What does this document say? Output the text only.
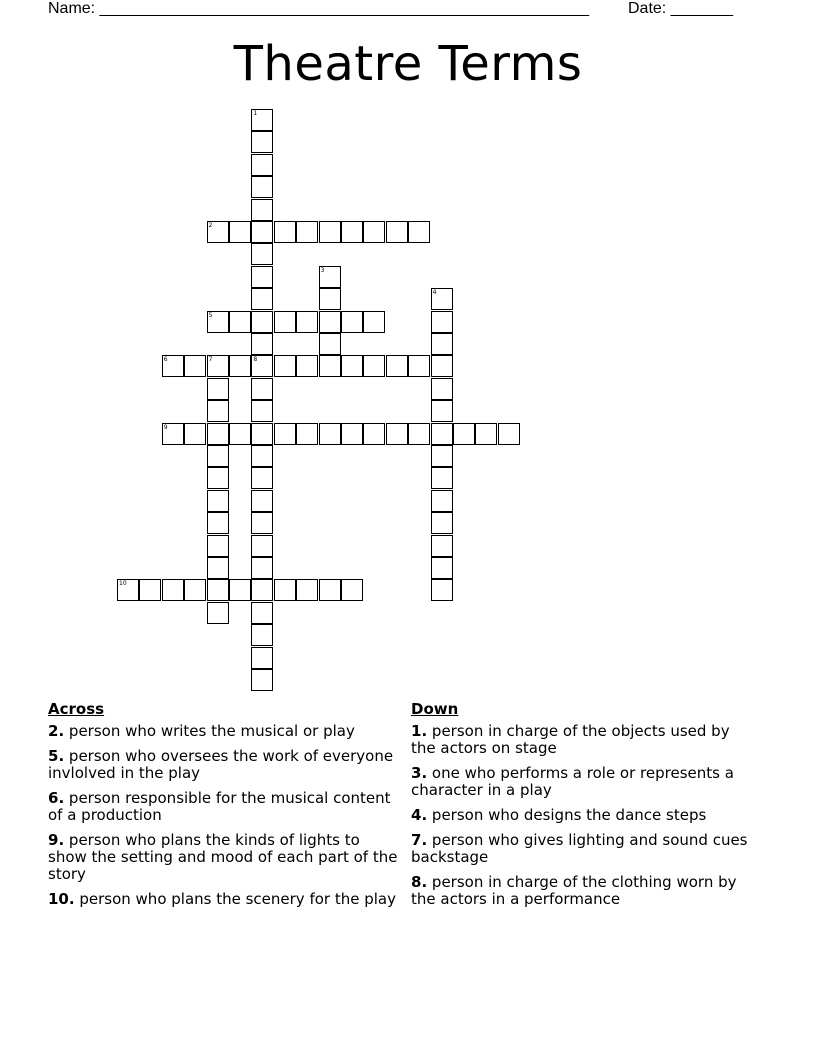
Name: _______________________________________________________ Date: _______
Theatre Terms
1
2
3
4
5
6	7	8
9
10
Across
2. person who writes the musical or play
5. person who oversees the work of everyone invlolved in the play
6. person responsible for the musical content of a production
9. person who plans the kinds of lights to show the setting and mood of each part of the story
10. person who plans the scenery for the play
Down
1. person in charge of the objects used by the actors on stage
3. one who performs a role or represents a character in a play
4. person who designs the dance steps
7. person who gives lighting and sound cues backstage
8. person in charge of the clothing worn by the actors in a performance
